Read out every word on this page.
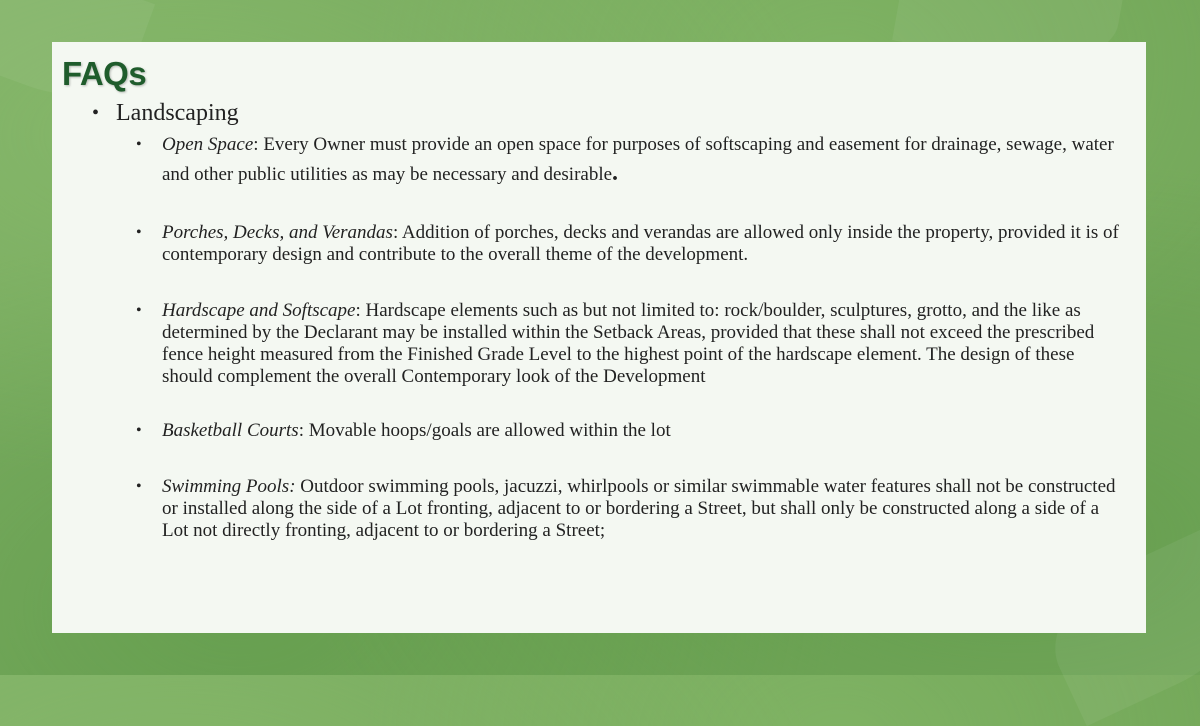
FAQs
• Landscaping
•	Open Space: Every Owner must provide an open space for purposes of softscaping and easement for drainage, sewage, water and other public utilities as may be necessary and desirable.
•	Porches, Decks, and Verandas: Addition of porches, decks and verandas are allowed only inside the property, provided it is of contemporary design and contribute to the overall theme of the development.
•	Hardscape and Softscape: Hardscape elements such as but not limited to: rock/boulder, sculptures, grotto, and the like as determined by the Declarant may be installed within the Setback Areas, provided that these shall not exceed the prescribed fence height measured from the Finished Grade Level to the highest point of the hardscape element. The design of these should complement the overall Contemporary look of the Development
•	Basketball Courts: Movable hoops/goals are allowed within the lot
•	Swimming Pools: Outdoor swimming pools, jacuzzi, whirlpools or similar swimmable water features shall not be constructed or installed along the side of a Lot fronting, adjacent to or bordering a Street, but shall only be constructed along a side of a Lot not directly fronting, adjacent to or bordering a Street;
